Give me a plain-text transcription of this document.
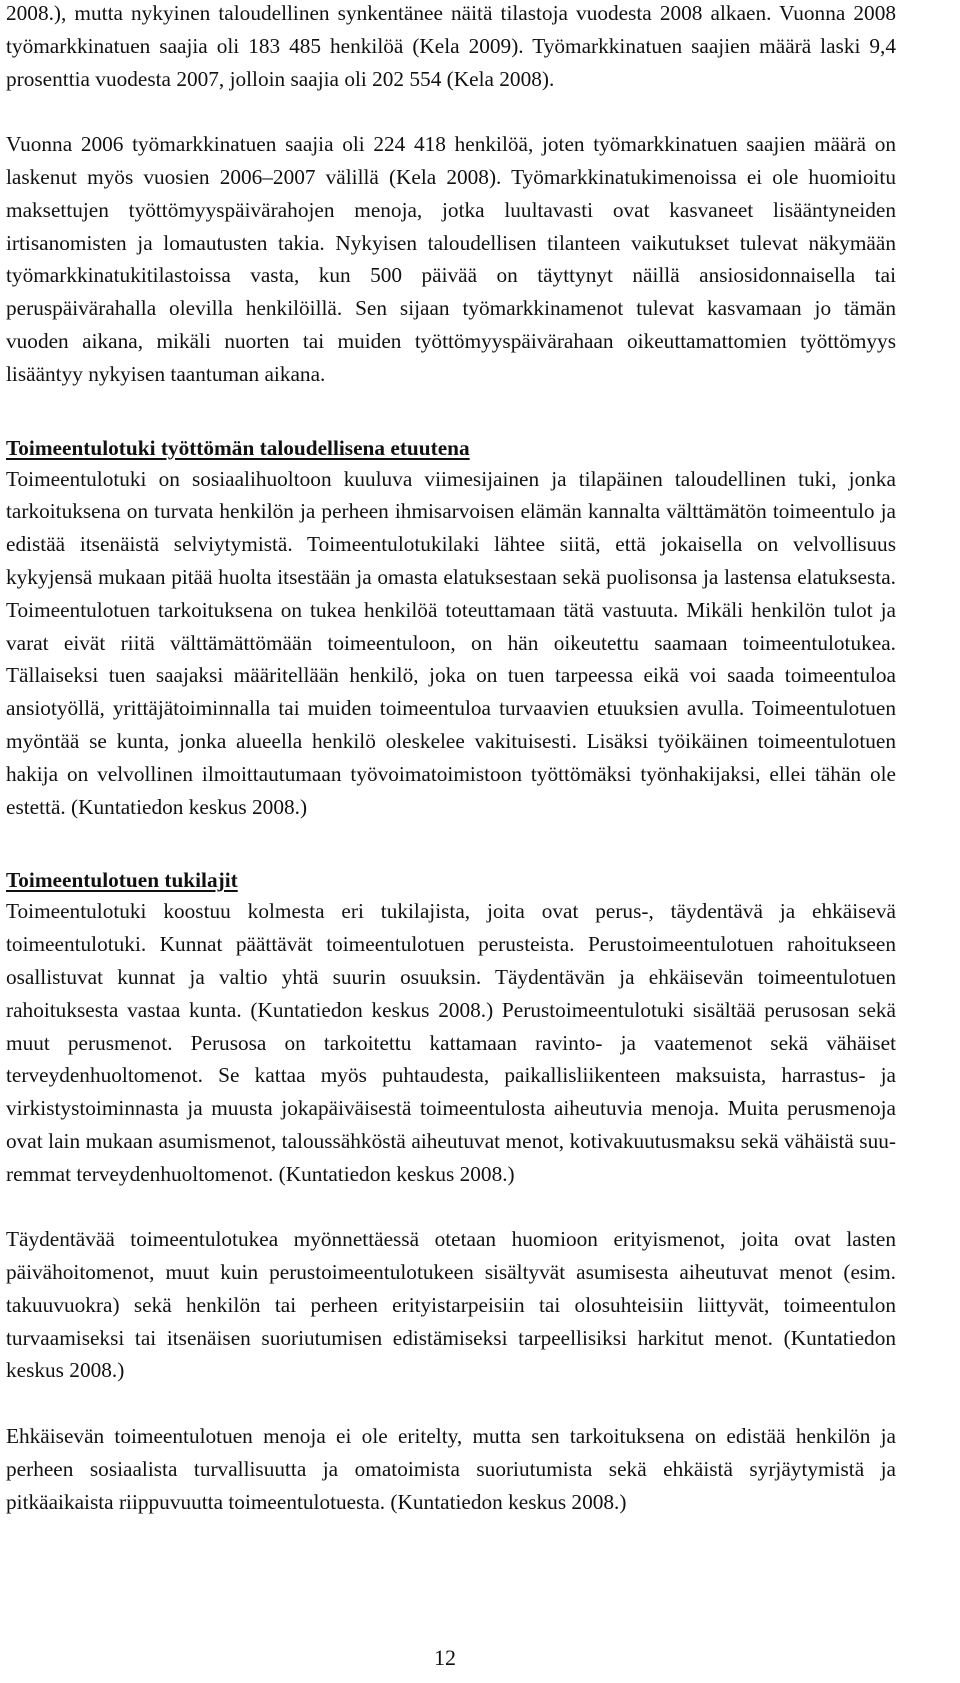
2008.), mutta nykyinen taloudellinen synkentänee näitä tilastoja vuodesta 2008 alkaen. Vuonna 2008 työmarkkinatuen saajia oli 183 485 henkilöä (Kela 2009). Työmarkkinatuen saajien määrä laski 9,4 prosenttia vuodesta 2007, jolloin saajia oli 202 554 (Kela 2008).

Vuonna 2006 työmarkkinatuen saajia oli 224 418 henkilöä, joten työmarkkinatuen saajien määrä on laskenut myös vuosien 2006–2007 välillä (Kela 2008). Työmarkkinatukimenoissa ei ole huomioitu maksettujen työttömyyspäivärahojen menoja, jotka luultavasti ovat kasvaneet lisääntyneiden irtisanomisten ja lomautusten takia. Nykyisen taloudellisen tilanteen vaikutukset tulevat näkymään työmarkkinatukitilastoissa vasta, kun 500 päivää on täyttynyt näillä ansiosidonnaisella tai peruspäivärahalla olevilla henkilöillä. Sen sijaan työmarkkinamenot tulevat kasvamaan jo tämän vuoden aikana, mikäli nuorten tai muiden työttömyyspäivärahaan oikeuttamattomien työttömyys lisääntyy nykyisen taantuman aikana.

Toimeentulotuki työttömän taloudellisena etuutena

Toimeentulotuki on sosiaalihuoltoon kuuluva viimesijainen ja tilapäinen taloudellinen tuki, jonka tarkoituksena on turvata henkilön ja perheen ihmisarvoisen elämän kannalta välttämätön toimeentulo ja edistää itsenäistä selviytymistä. Toimeentulotukilaki lähtee siitä, että jokaisella on velvollisuus kykyjensä mukaan pitää huolta itsestään ja omasta elatuksestaan sekä puolisonsa ja lastensa elatuksesta. Toimeentulotuen tarkoituksena on tukea henkilöä toteuttamaan tätä vastuuta. Mikäli henkilön tulot ja varat eivät riitä välttämättömään toimeentuloon, on hän oikeutettu saamaan toimeentulotukea. Tällaiseksi tuen saajaksi määritellään henkilö, joka on tuen tarpeessa eikä voi saada toimeentuloa ansiotyöllä, yrittäjätoiminnalla tai muiden toimeentuloa turvaavien etuuksien avulla. Toimeentulotuen myöntää se kunta, jonka alueella henkilö oleskelee vakituisesti. Lisäksi työikäinen toimeentulotuen hakija on velvollinen ilmoittautumaan työvoimatoimistoon työttömäksi työnhakijaksi, ellei tähän ole estettä. (Kuntatiedon keskus 2008.)

Toimeentulotuen tukilajit

Toimeentulotuki koostuu kolmesta eri tukilajista, joita ovat perus-, täydentävä ja ehkäisevä toimeentulotuki. Kunnat päättävät toimeentulotuen perusteista. Perustoimeentulotuen rahoitukseen osallistuvat kunnat ja valtio yhtä suurin osuuksin. Täydentävän ja ehkäisevän toimeentulotuen rahoituksesta vastaa kunta. (Kuntatiedon keskus 2008.) Perustoimeentulotuki sisältää perusosan sekä muut perusmenot. Perusosa on tarkoitettu kattamaan ravinto- ja vaatemenot sekä vähäiset terveydenhuoltomenot. Se kattaa myös puhtaudesta, paikallisliikenteen maksuista, harrastus- ja virkistystoiminnasta ja muusta jokapäiväisestä toimeentulosta aiheutuvia menoja. Muita perusmenoja ovat lain mukaan asumismenot, taloussähköstä aiheutuvat menot, kotivakuutusmaksu sekä vähäistä suuremmat terveydenhuoltomenot. (Kuntatiedon keskus 2008.)

Täydentävää toimeentulotukea myönnettäessä otetaan huomioon erityismenot, joita ovat lasten päivähoitomenot, muut kuin perustoimeentulotukeen sisältyvät asumisesta aiheutuvat menot (esim. takuuvuokra) sekä henkilön tai perheen erityistarpeisiin tai olosuhteisiin liittyvät, toimeentulon turvaamiseksi tai itsenäisen suoriutumisen edistämiseksi tarpeellisiksi harkitut menot. (Kuntatiedon keskus 2008.)

Ehkäisevän toimeentulotuen menoja ei ole eritelty, mutta sen tarkoituksena on edistää henkilön ja perheen sosiaalista turvallisuutta ja omatoimista suoriutumista sekä ehkäistä syrjäytymistä ja pitkäaikaista riippuvuutta toimeentulotuesta. (Kuntatiedon keskus 2008.)

12
